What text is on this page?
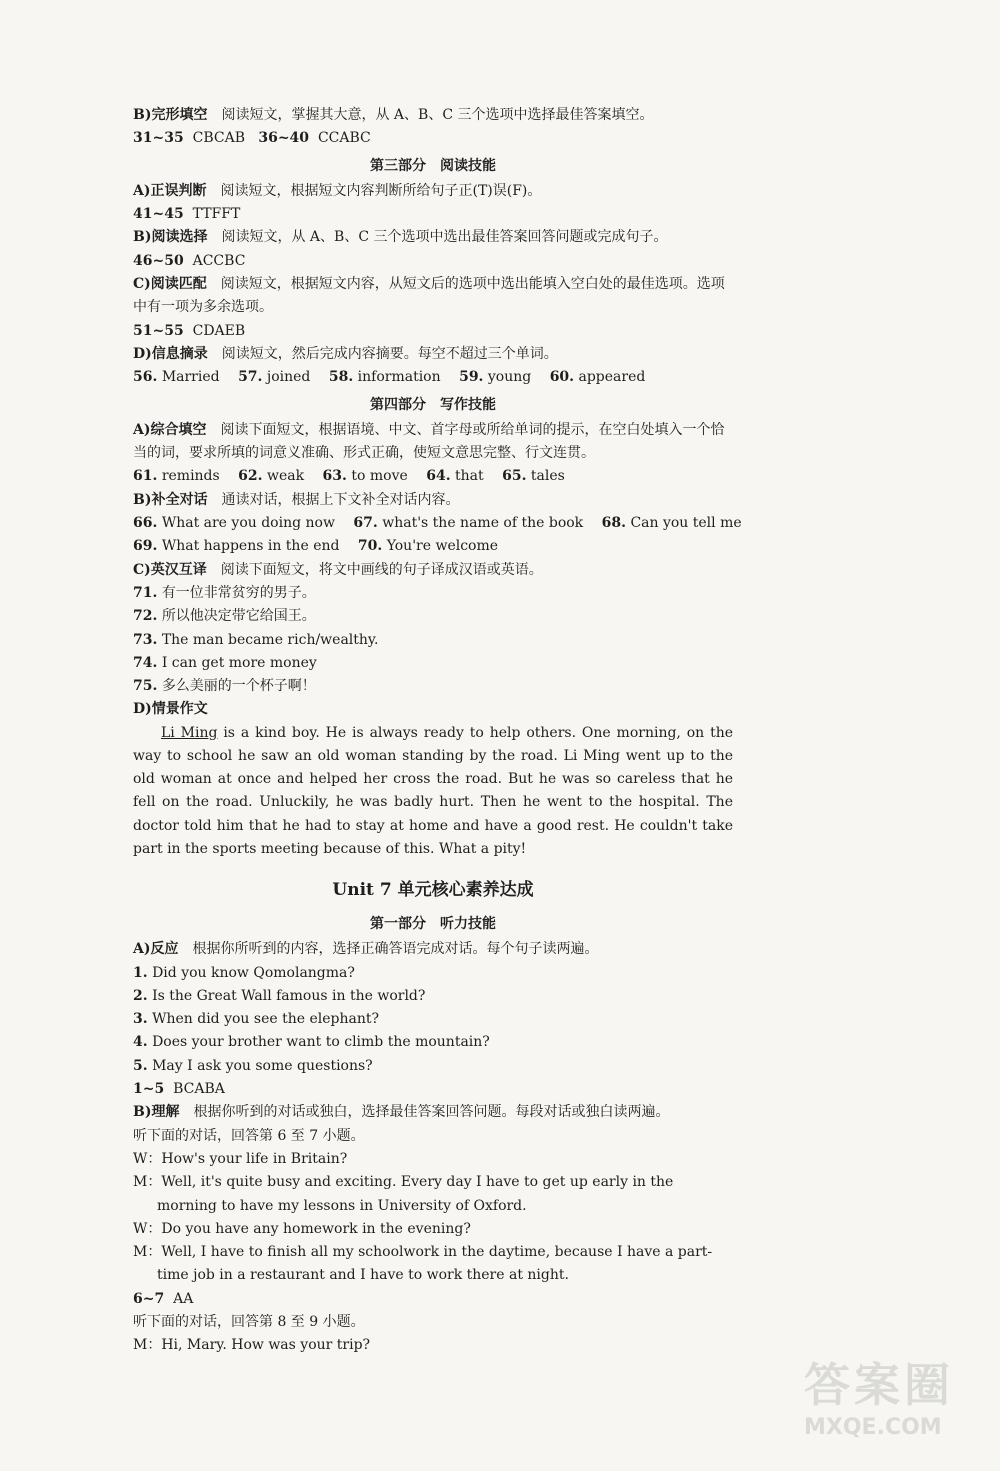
B)完形填空　 阅读短文，掌握其大意，从 A、B、C 三个选项中选择最佳答案填空。
31~35 CBCAB 36~40 CCABC
第三部分　阅读技能
A)正误判断　 阅读短文，根据短文内容判断所给句子正(T)误(F)。
41~45 TTFFT
B)阅读选择　 阅读短文，从 A、B、C 三个选项中选出最佳答案回答问题或完成句子。
46~50 ACCBC
C)阅读匹配　 阅读短文，根据短文内容，从短文后的选项中选出能填入空白处的最佳选项。选项中有一项为多余选项。
51~55 CDAEB
D)信息摘录　 阅读短文，然后完成内容摘要。每空不超过三个单词。
56. Married 57. joined 58. information 59. young 60. appeared
第四部分　写作技能
A)综合填空　 阅读下面短文，根据语境、中文、首字母或所给单词的提示，在空白处填入一个恰当的词，要求所填的词意义准确、形式正确，使短文意思完整、行文连贯。
61. reminds 62. weak 63. to move 64. that 65. tales
B)补全对话　 通读对话，根据上下文补全对话内容。
66. What are you doing now 67. what's the name of the book 68. Can you tell me
69. What happens in the end 70. You're welcome
C)英汉互译　 阅读下面短文，将文中画线的句子译成汉语或英语。
71. 有一位非常贫穷的男子。
72. 所以他决定带它给国王。
73. The man became rich/wealthy.
74. I can get more money
75. 多么美丽的一个杯子啊！
D)情景作文

Li Ming is a kind boy. He is always ready to help others. One morning, on the way to school he saw an old woman standing by the road. Li Ming went up to the old woman at once and helped her cross the road. But he was so careless that he fell on the road. Unluckily, he was badly hurt. Then he went to the hospital. The doctor told him that he had to stay at home and have a good rest. He couldn't take part in the sports meeting because of this. What a pity!

Unit 7 单元核心素养达成
第一部分　听力技能
A)反应　 根据你所听到的内容，选择正确答语完成对话。每个句子读两遍。
1. Did you know Qomolangma?
2. Is the Great Wall famous in the world?
3. When did you see the elephant?
4. Does your brother want to climb the mountain?
5. May I ask you some questions?
1~5 BCABA
B)理解　 根据你听到的对话或独白，选择最佳答案回答问题。每段对话或独白读两遍。
听下面的对话，回答第 6 至 7 小题。
W：How's your life in Britain?
M：Well, it's quite busy and exciting. Every day I have to get up early in the morning to have my lessons in University of Oxford.
W：Do you have any homework in the evening?
M：Well, I have to finish all my schoolwork in the daytime, because I have a part-time job in a restaurant and I have to work there at night.
6~7 AA
听下面的对话，回答第 8 至 9 小题。
M：Hi, Mary. How was your trip?
答案圈
MXQE.COM
